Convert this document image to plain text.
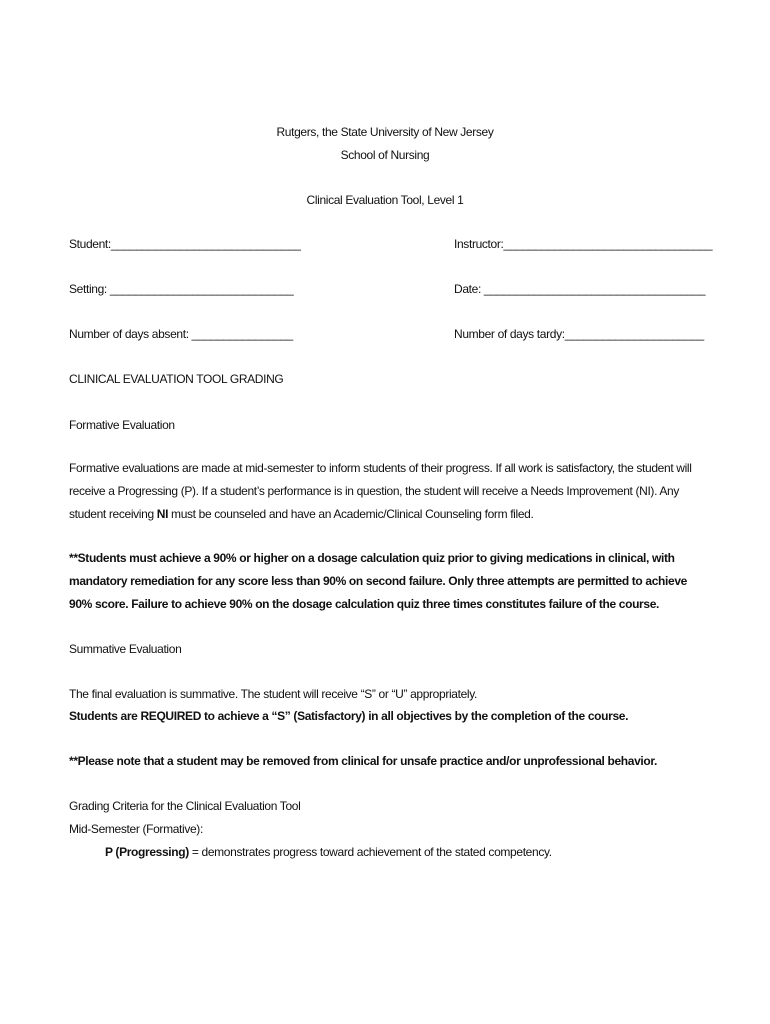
Rutgers, the State University of New Jersey
School of Nursing
Clinical Evaluation Tool, Level 1
Student:______________________________	Instructor:_________________________________
Setting: _____________________________	Date: ___________________________________
Number of days absent: ________________	Number of days tardy:______________________
CLINICAL EVALUATION TOOL GRADING
Formative Evaluation
Formative evaluations are made at mid-semester to inform students of their progress. If all work is satisfactory, the student will receive a Progressing (P). If a student’s performance is in question, the student will receive a Needs Improvement (NI). Any student receiving NI must be counseled and have an Academic/Clinical Counseling form filed.
**Students must achieve a 90% or higher on a dosage calculation quiz prior to giving medications in clinical, with mandatory remediation for any score less than 90% on second failure. Only three attempts are permitted to achieve 90% score. Failure to achieve 90% on the dosage calculation quiz three times constitutes failure of the course.
Summative Evaluation
The final evaluation is summative. The student will receive “S” or “U” appropriately.
Students are REQUIRED to achieve a “S” (Satisfactory) in all objectives by the completion of the course.
**Please note that a student may be removed from clinical for unsafe practice and/or unprofessional behavior.
Grading Criteria for the Clinical Evaluation Tool
Mid-Semester (Formative):
P (Progressing) = demonstrates progress toward achievement of the stated competency.
